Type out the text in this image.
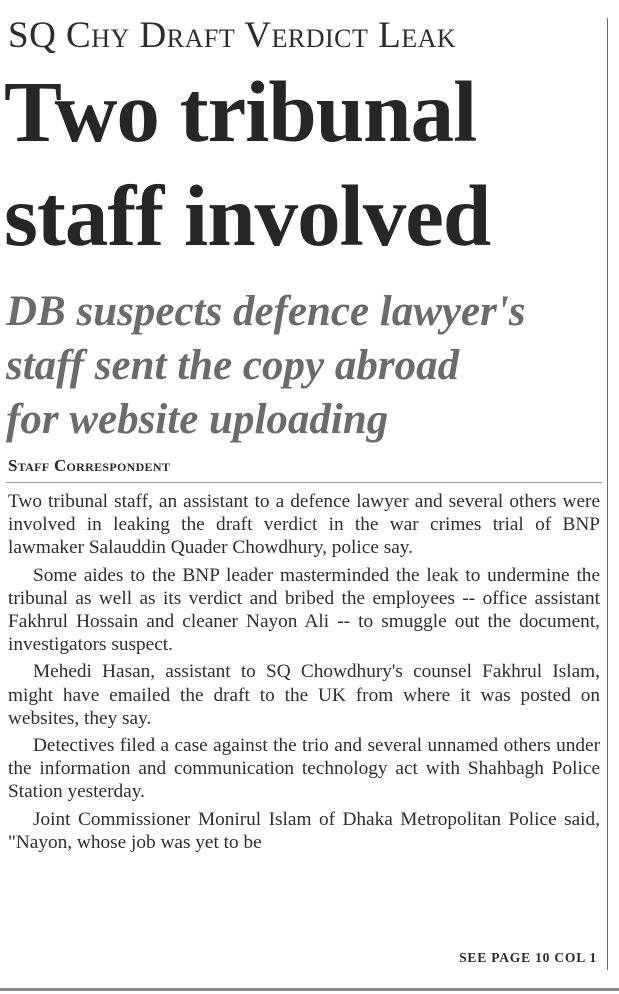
SQ Chy Draft Verdict Leak
Two tribunal
staff involved
DB suspects defence lawyer's
staff sent the copy abroad
for website uploading
Staff Correspondent

Two tribunal staff, an assistant to a defence lawyer and several others were involved in leaking the draft verdict in the war crimes trial of BNP lawmaker Salauddin Quader Chowdhury, police say.

Some aides to the BNP leader masterminded the leak to undermine the tribunal as well as its verdict and bribed the employees -- office assistant Fakhrul Hossain and cleaner Nayon Ali -- to smuggle out the document, investigators suspect.

Mehedi Hasan, assistant to SQ Chowdhury's counsel Fakhrul Islam, might have emailed the draft to the UK from where it was posted on websites, they say.

Detectives filed a case against the trio and several unnamed others under the information and communication technology act with Shahbagh Police Station yesterday.

Joint Commissioner Monirul Islam of Dhaka Metropolitan Police said, "Nayon, whose job was yet to be

SEE PAGE 10 COL 1
